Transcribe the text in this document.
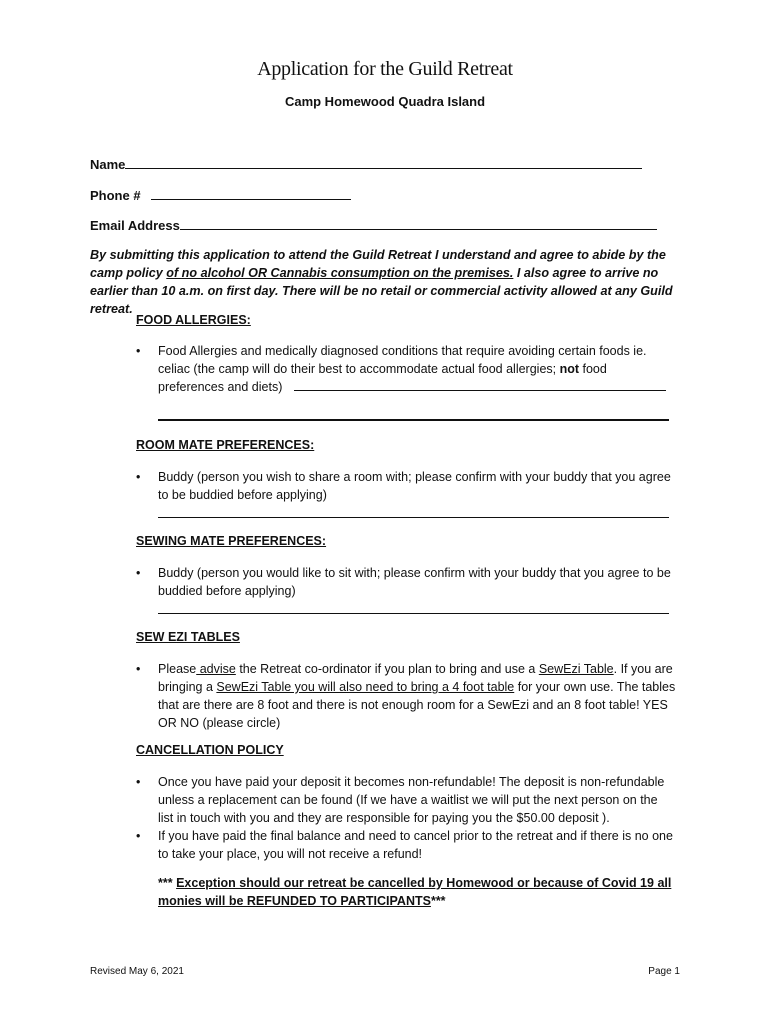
Application for the Guild Retreat
Camp Homewood Quadra Island
Name
Phone #
Email Address
By submitting this application to attend the Guild Retreat I understand and agree to abide by the camp policy of no alcohol OR Cannabis consumption on the premises. I also agree to arrive no earlier than 10 a.m. on first day. There will be no retail or commercial activity allowed at any Guild retreat.
FOOD ALLERGIES:
• Food Allergies and medically diagnosed conditions that require avoiding certain foods ie. celiac (the camp will do their best to accommodate actual food allergies; not food preferences and diets)
ROOM MATE PREFERENCES:
• Buddy (person you wish to share a room with; please confirm with your buddy that you agree to be buddied before applying)
SEWING MATE PREFERENCES:
• Buddy (person you would like to sit with; please confirm with your buddy that you agree to be buddied before applying)
SEW EZI TABLES
• Please advise the Retreat co-ordinator if you plan to bring and use a SewEzi Table. If you are bringing a SewEzi Table you will also need to bring a 4 foot table for your own use. The tables that are there are 8 foot and there is not enough room for a SewEzi and an 8 foot table! YES OR NO (please circle)
CANCELLATION POLICY
• Once you have paid your deposit it becomes non-refundable! The deposit is non-refundable unless a replacement can be found (If we have a waitlist we will put the next person on the list in touch with you and they are responsible for paying you the $50.00 deposit ).
• If you have paid the final balance and need to cancel prior to the retreat and if there is no one to take your place, you will not receive a refund!
*** Exception should our retreat be cancelled by Homewood or because of Covid 19 all monies will be REFUNDED TO PARTICIPANTS***
Revised May 6, 2021	Page 1
